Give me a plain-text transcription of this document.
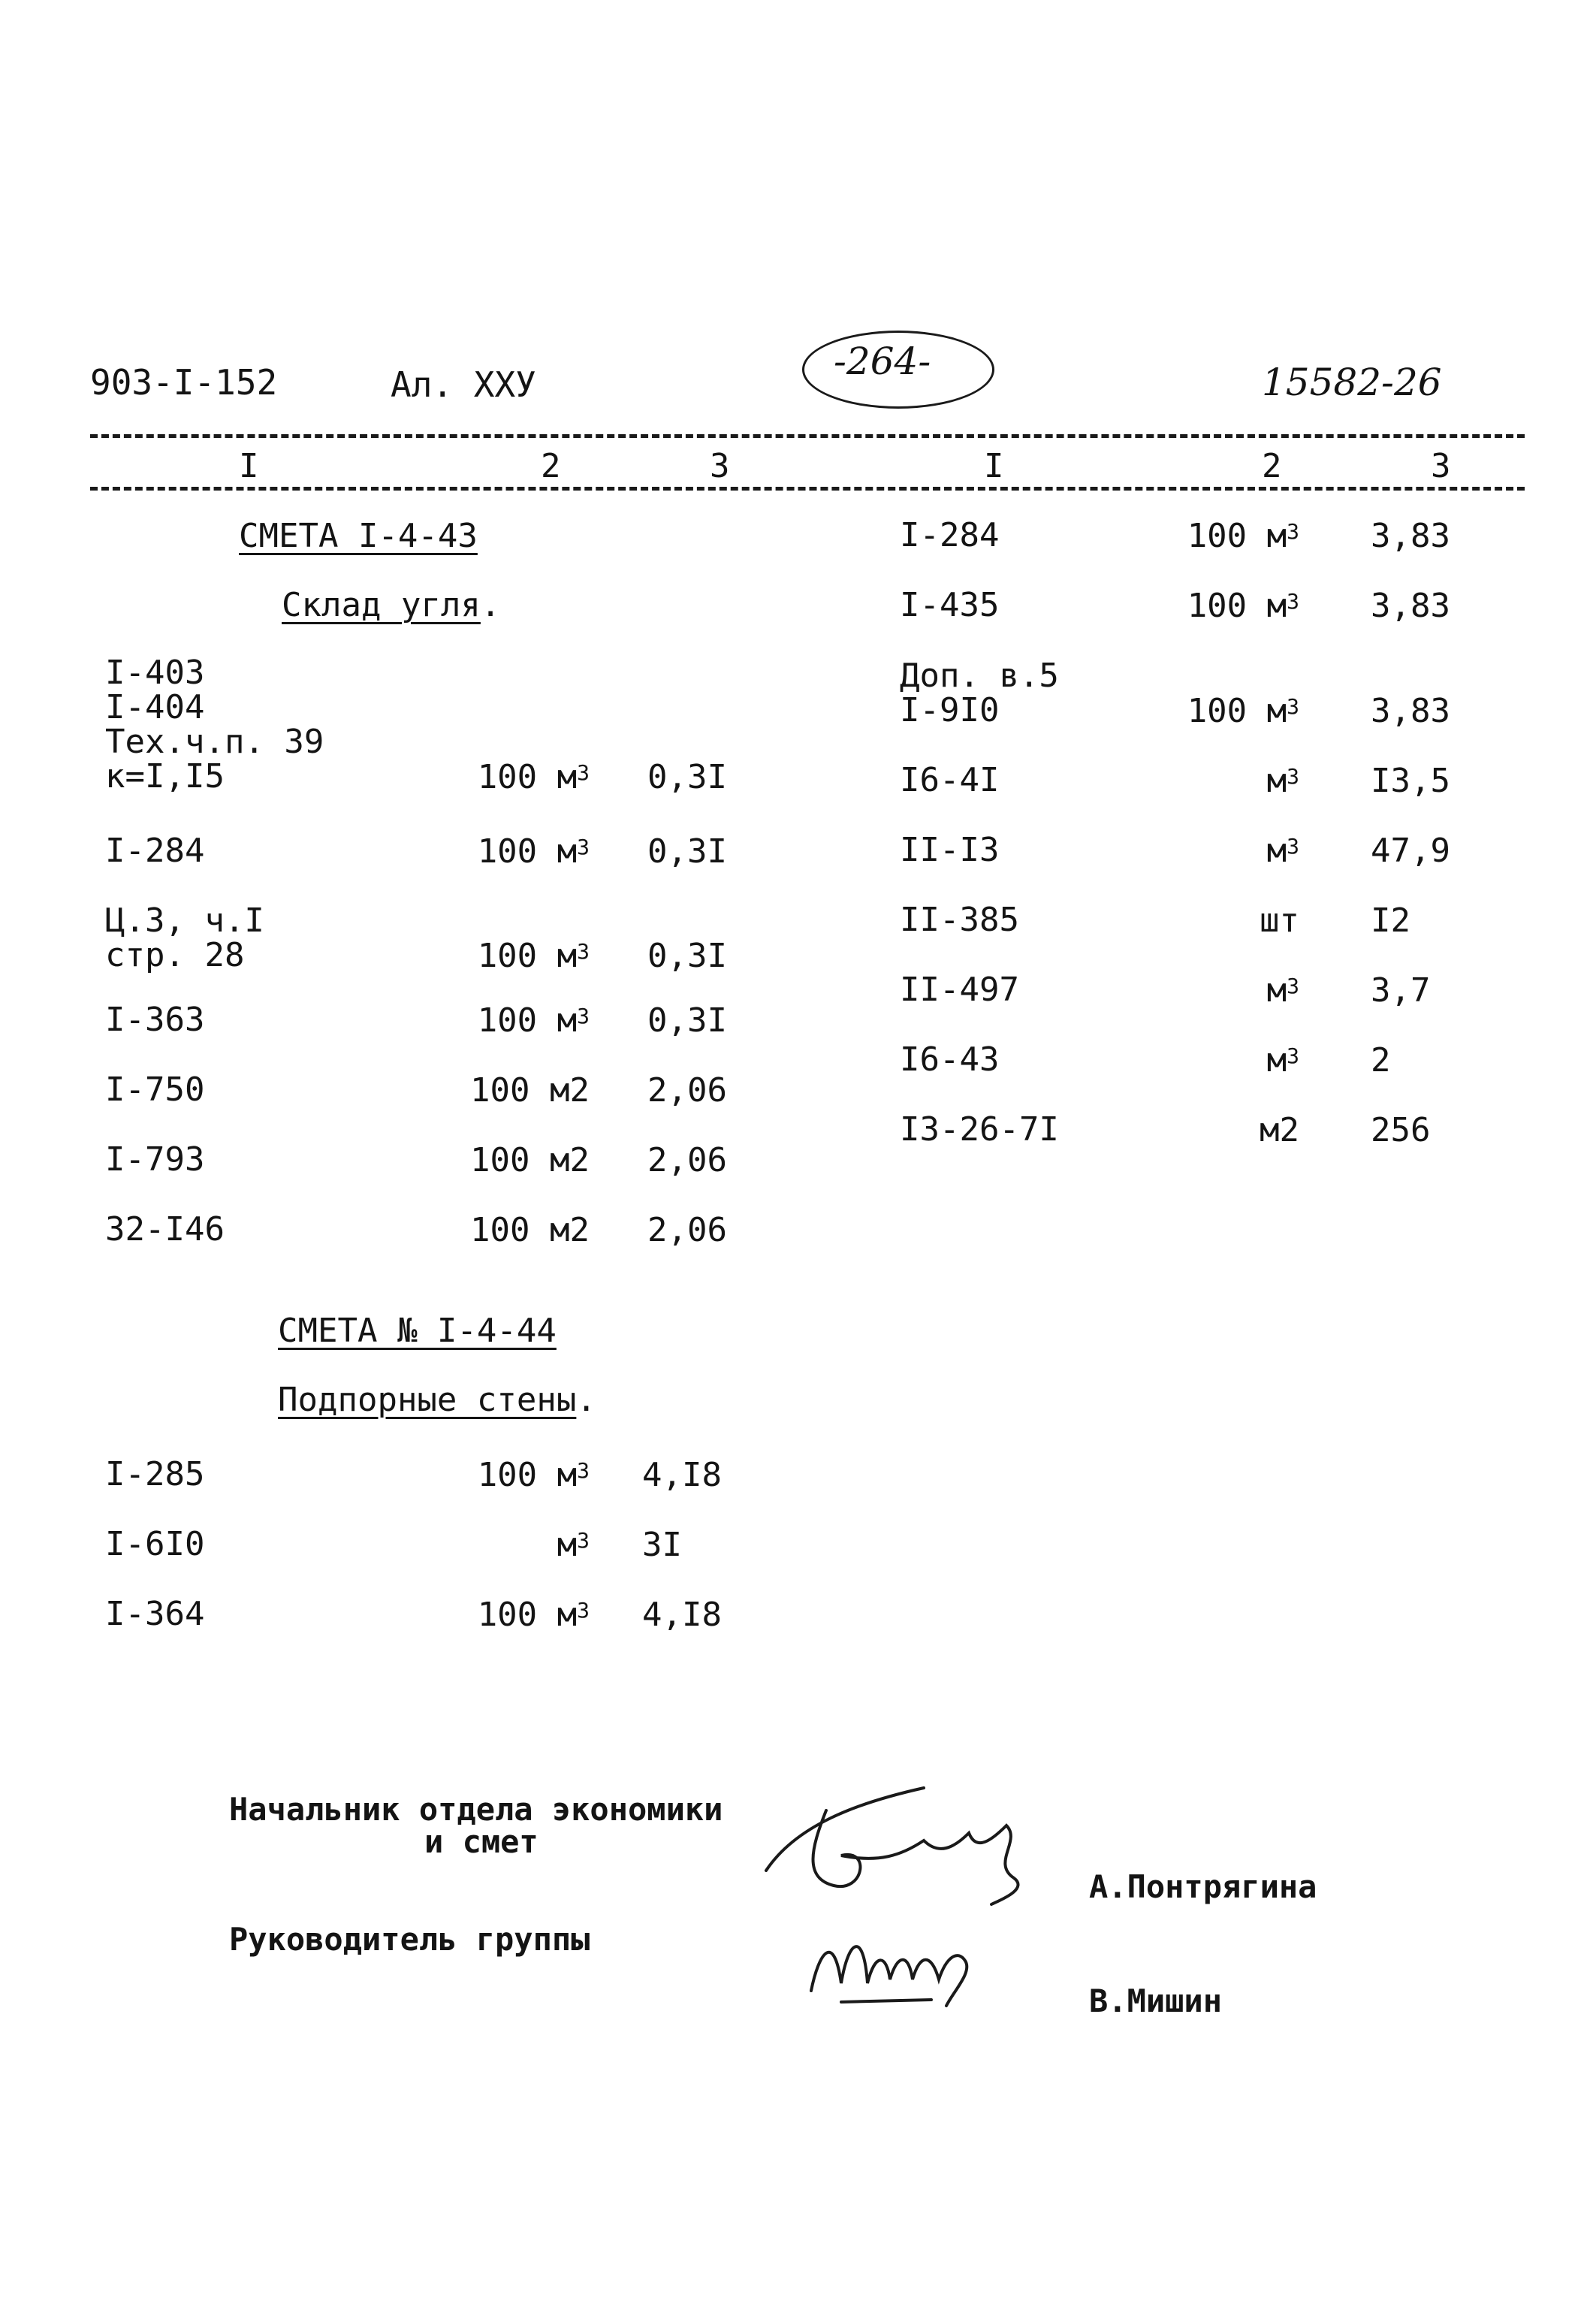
903-I-152	Ал. ХХУ
-264-	15582-26
I	2	3	I	2	3
СМЕТА I-4-43
Склад угля.
I-403
I-404
Тех.ч.п. 39
к=I,I5	100 $м^3$ 0,3I
I-284	100 $м^3$ 0,3I
Ц.3, ч.I
стр. 28	100 $м^3$ 0,3I
I-363	100 $м^3$ 0,3I
I-750	100 м2 2,06
I-793	100 м2 2,06
32-I46	100 м2 2,06
СМЕТА № I-4-44
Подпорные стены.
I-285	100 $м^3$ 4,I8
I-6I0	$м^3$ 3I
I-364	100 $м^3$ 4,I8
I-284	100 $м^3$ 3,83
I-435	100 $м^3$ 3,83
Доп. в.5
I-9I0	100 $м^3$ 3,83
I6-4I	$м^3$ I3,5
II-I3	$м^3$ 47,9
II-385	шт I2
II-497	$м^3$ 3,7
I6-43	$м^3$ 2
I3-26-7I	м2 256
Начальник отдела экономики
и смет
А.Понтрягина
Руководитель группы
В.Мишин
